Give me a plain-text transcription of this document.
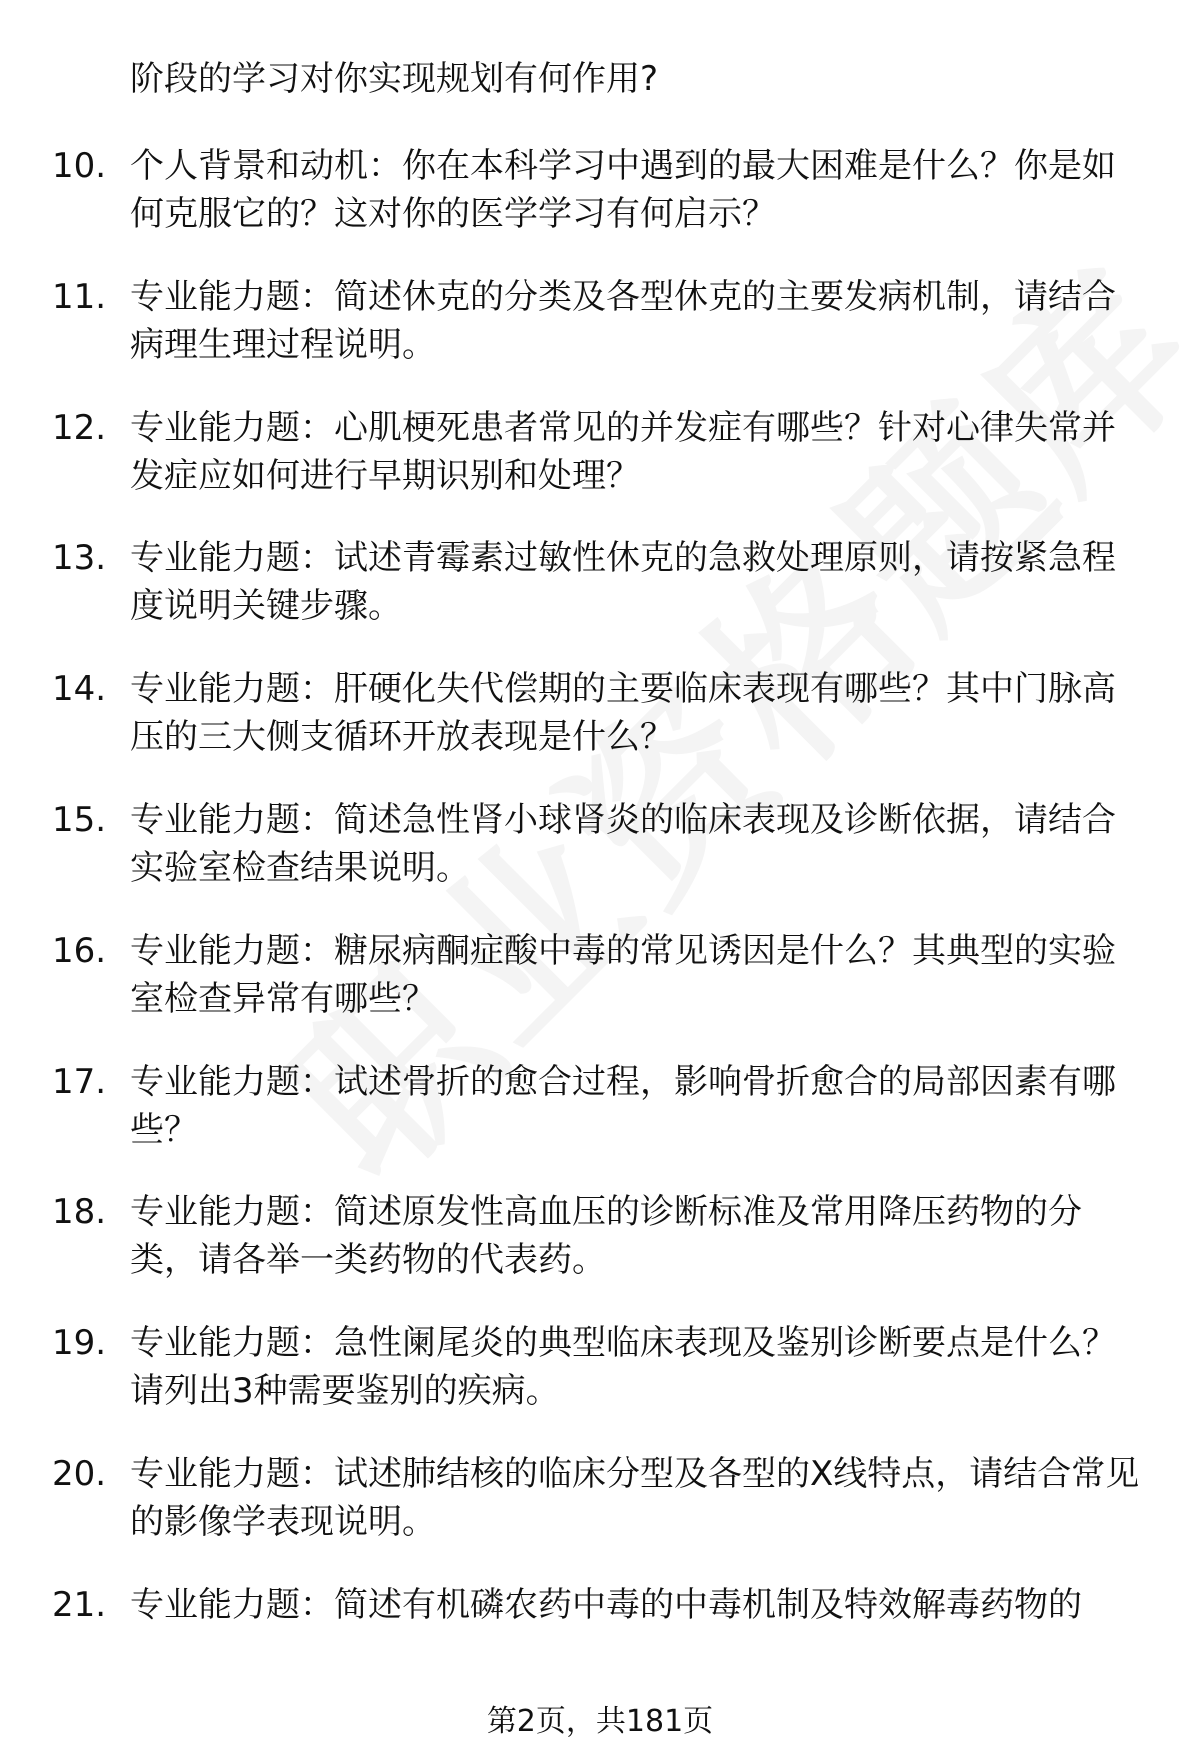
阶段的学习对你实现规划有何作用?
10. 个人背景和动机：你在本科学习中遇到的最大困难是什么？你是如何克服它的？这对你的医学学习有何启示？
11. 专业能力题：简述休克的分类及各型休克的主要发病机制，请结合病理生理过程说明。
12. 专业能力题：心肌梗死患者常见的并发症有哪些？针对心律失常并发症应如何进行早期识别和处理？
13. 专业能力题：试述青霉素过敏性休克的急救处理原则，请按紧急程度说明关键步骤。
14. 专业能力题：肝硬化失代偿期的主要临床表现有哪些？其中门脉高压的三大侧支循环开放表现是什么？
15. 专业能力题：简述急性肾小球肾炎的临床表现及诊断依据，请结合实验室检查结果说明。
16. 专业能力题：糖尿病酮症酸中毒的常见诱因是什么？其典型的实验室检查异常有哪些？
17. 专业能力题：试述骨折的愈合过程，影响骨折愈合的局部因素有哪些？
18. 专业能力题：简述原发性高血压的诊断标准及常用降压药物的分类，请各举一类药物的代表药。
19. 专业能力题：急性阑尾炎的典型临床表现及鉴别诊断要点是什么？请列出3种需要鉴别的疾病。
20. 专业能力题：试述肺结核的临床分型及各型的X线特点，请结合常见的影像学表现说明。
21. 专业能力题：简述有机磷农药中毒的中毒机制及特效解毒药物的
第2页，共181页
